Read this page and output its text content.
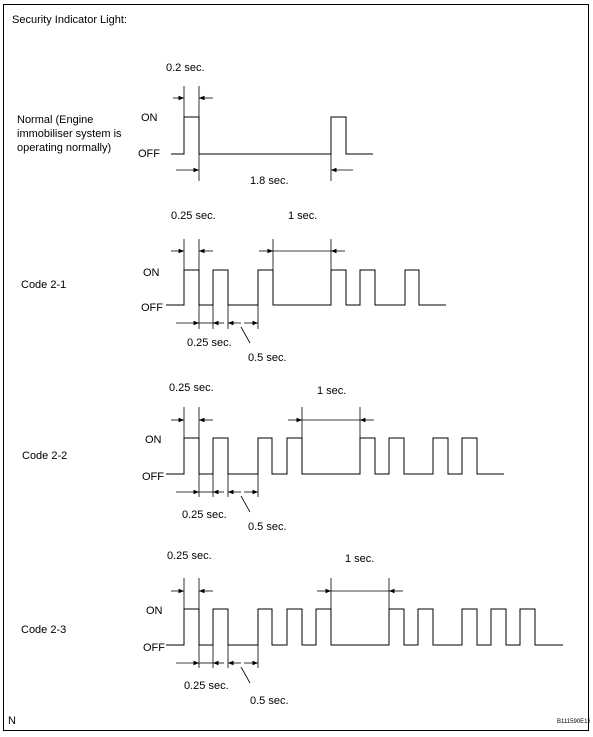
Security Indicator Light:
Normal (Engine
immobiliser system is
operating normally)
ON
OFF
0.2 sec.
1.8 sec.
Code 2-1
ON
OFF
0.25 sec.	1 sec.
0.25 sec.
0.5 sec.
Code 2-2
ON
OFF
0.25 sec.	1 sec.
0.25 sec.
0.5 sec.
Code 2-3
ON
OFF
0.25 sec.	1 sec.
0.25 sec.
0.5 sec.
N	B111590E13
